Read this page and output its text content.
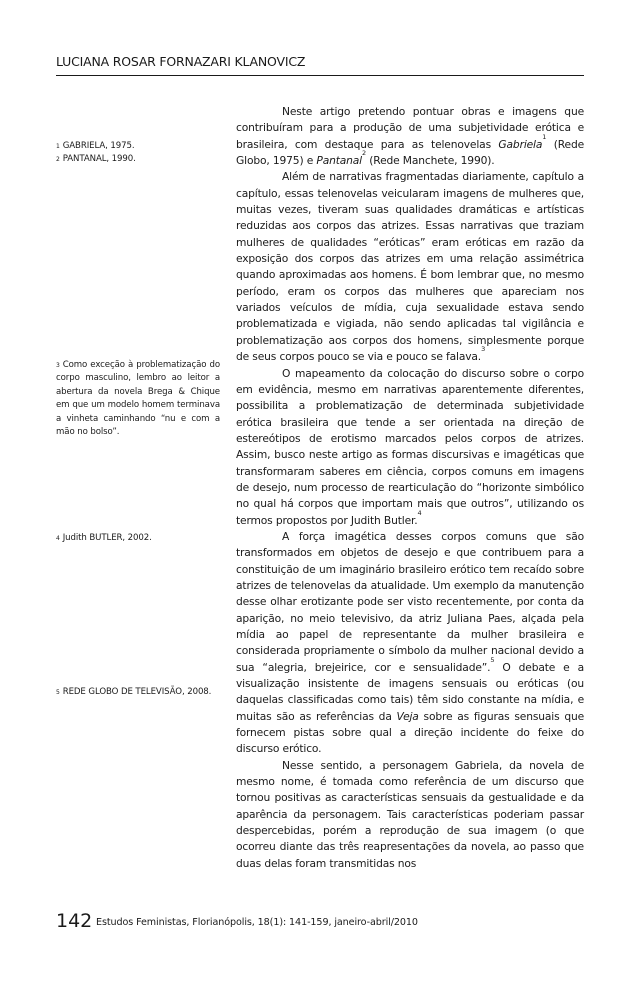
LUCIANA ROSAR FORNAZARI KLANOVICZ
$^1$ GABRIELA, 1975.
$^2$ PANTANAL, 1990.
$^3$ Como exceção à problematização do corpo masculino, lembro ao leitor a abertura da novela Brega & Chique em que um modelo homem terminava a vinheta caminhando “nu e com a mão no bolso”.
$^4$ Judith BUTLER, 2002.
$^5$ REDE GLOBO DE TELEVISÃO, 2008.

Neste artigo pretendo pontuar obras e imagens que contribuíram para a produção de uma subjetividade erótica e brasileira, com destaque para as telenovelas Gabriela$^1$ (Rede Globo, 1975) e Pantanal$^2$ (Rede Manchete, 1990).

Além de narrativas fragmentadas diariamente, capítulo a capítulo, essas telenovelas veicularam imagens de mulheres que, muitas vezes, tiveram suas qualidades dramáticas e artísticas reduzidas aos corpos das atrizes. Essas narrativas que traziam mulheres de qualidades “eróticas” eram eróticas em razão da exposição dos corpos das atrizes em uma relação assimétrica quando aproximadas aos homens. É bom lembrar que, no mesmo período, eram os corpos das mulheres que apareciam nos variados veículos de mídia, cuja sexualidade estava sendo problematizada e vigiada, não sendo aplicadas tal vigilância e problematização aos corpos dos homens, simplesmente porque de seus corpos pouco se via e pouco se falava.$^3$

O mapeamento da colocação do discurso sobre o corpo em evidência, mesmo em narrativas aparentemente diferentes, possibilita a problematização de determinada subjetividade erótica brasileira que tende a ser orientada na direção de estereótipos de erotismo marcados pelos corpos de atrizes. Assim, busco neste artigo as formas discursivas e imagéticas que transformaram saberes em ciência, corpos comuns em imagens de desejo, num processo de rearticulação do “horizonte simbólico no qual há corpos que importam mais que outros”, utilizando os termos propostos por Judith Butler.$^4$

A força imagética desses corpos comuns que são transformados em objetos de desejo e que contribuem para a constituição de um imaginário brasileiro erótico tem recaído sobre atrizes de telenovelas da atualidade. Um exemplo da manutenção desse olhar erotizante pode ser visto recentemente, por conta da aparição, no meio televisivo, da atriz Juliana Paes, alçada pela mídia ao papel de representante da mulher brasileira e considerada propriamente o símbolo da mulher nacional devido a sua “alegria, brejeirice, cor e sensualidade”.$^5$ O debate e a visualização insistente de imagens sensuais ou eróticas (ou daquelas classificadas como tais) têm sido constante na mídia, e muitas são as referências da Veja sobre as figuras sensuais que fornecem pistas sobre qual a direção incidente do feixe do discurso erótico.

Nesse sentido, a personagem Gabriela, da novela de mesmo nome, é tomada como referência de um discurso que tornou positivas as características sensuais da gestualidade e da aparência da personagem. Tais características poderiam passar despercebidas, porém a reprodução de sua imagem (o que ocorreu diante das três reapresentações da novela, ao passo que duas delas foram transmitidas nos

142 Estudos Feministas, Florianópolis, 18(1): 141-159, janeiro-abril/2010
